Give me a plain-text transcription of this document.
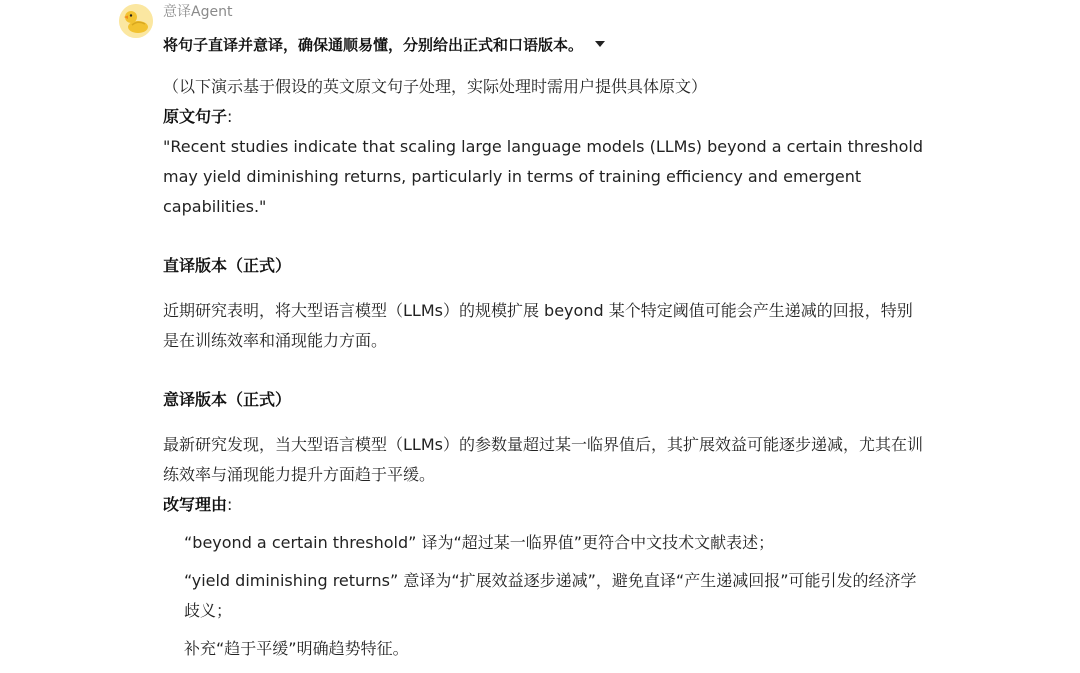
意译Agent
将句子直译并意译，确保通顺易懂，分别给出正式和口语版本。
（以下演示基于假设的英文原文句子处理，实际处理时需用户提供具体原文）
原文句子:
"Recent studies indicate that scaling large language models (LLMs) beyond a certain threshold may yield diminishing returns, particularly in terms of training efficiency and emergent capabilities."
直译版本（正式）
近期研究表明，将大型语言模型（LLMs）的规模扩展 beyond 某个特定阈值可能会产生递减的回报，特别是在训练效率和涌现能力方面。
意译版本（正式）
最新研究发现，当大型语言模型（LLMs）的参数量超过某一临界值后，其扩展效益可能逐步递减，尤其在训练效率与涌现能力提升方面趋于平缓。
改写理由:
“beyond a certain threshold” 译为“超过某一临界值”更符合中文技术文献表述；
“yield diminishing returns” 意译为“扩展效益逐步递减”，避免直译“产生递减回报”可能引发的经济学歧义；
补充“趋于平缓”明确趋势特征。
